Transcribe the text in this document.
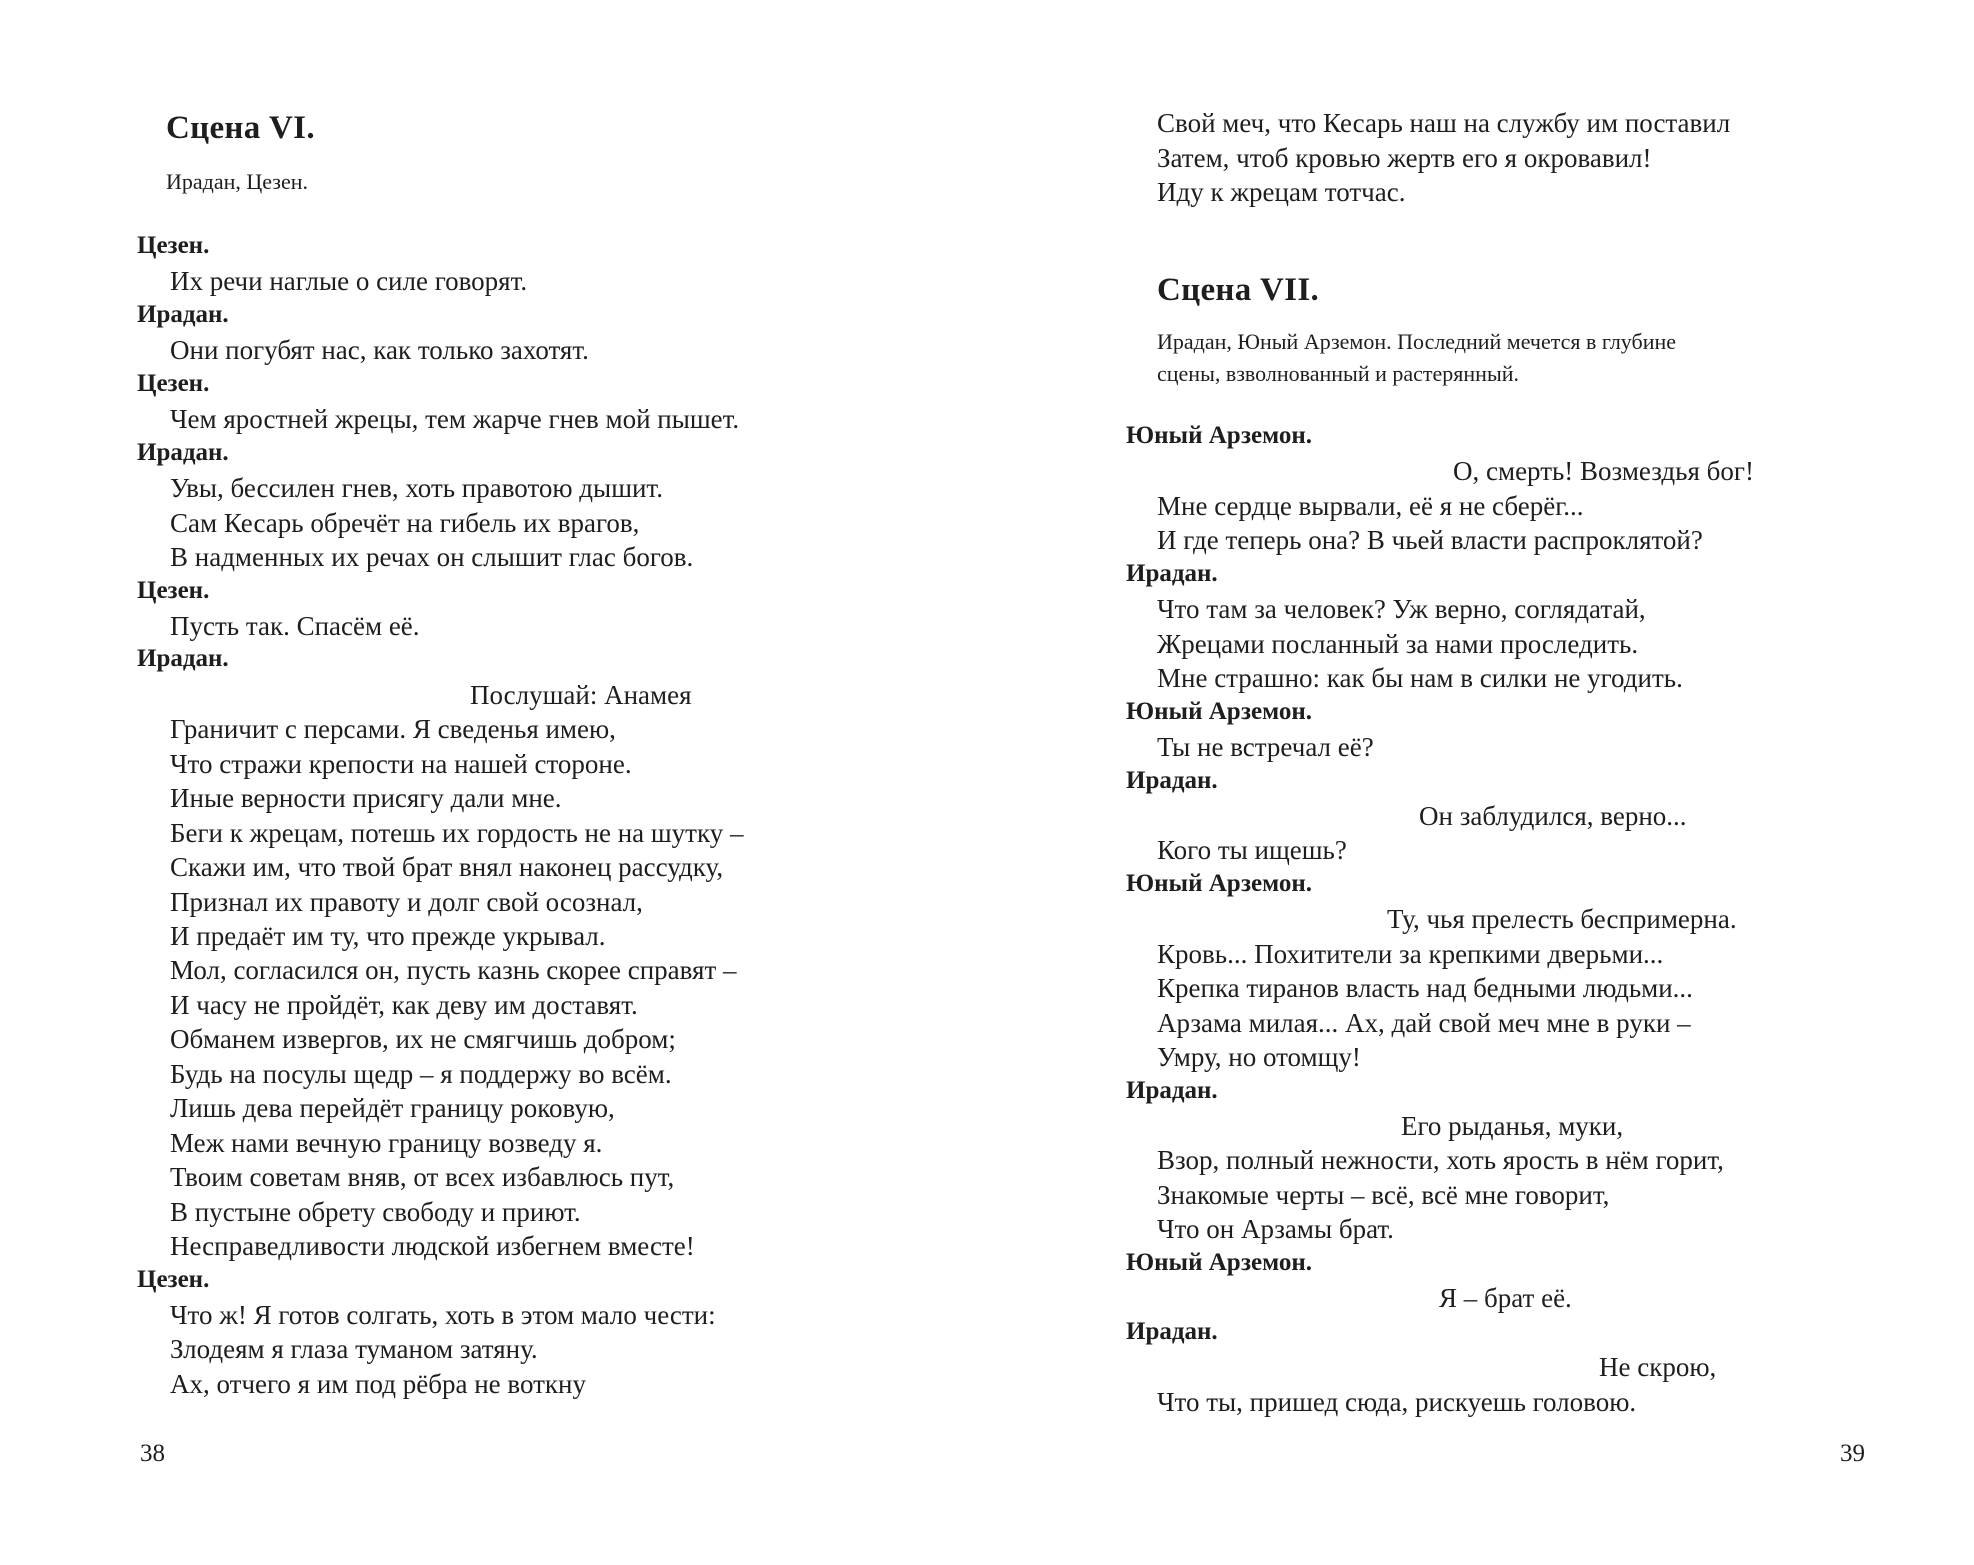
Сцена VI.
Ирадан, Цезен.
Цезен.
Их речи наглые о силе говорят.
Ирадан.
Они погубят нас, как только захотят.
Цезен.
Чем яростней жрецы, тем жарче гнев мой пышет.
Ирадан.
Увы, бессилен гнев, хоть правотою дышит.
Сам Кесарь обречёт на гибель их врагов,
В надменных их речах он слышит глас богов.
Цезен.
Пусть так. Спасём её.
Ирадан.
Послушай: Анамея
Граничит с персами. Я сведенья имею,
Что стражи крепости на нашей стороне.
Иные верности присягу дали мне.
Беги к жрецам, потешь их гордость не на шутку –
Скажи им, что твой брат внял наконец рассудку,
Признал их правоту и долг свой осознал,
И предаёт им ту, что прежде укрывал.
Мол, согласился он, пусть казнь скорее справят –
И часу не пройдёт, как деву им доставят.
Обманем извергов, их не смягчишь добром;
Будь на посулы щедр – я поддержу во всём.
Лишь дева перейдёт границу роковую,
Меж нами вечную границу возведу я.
Твоим советам вняв, от всех избавлюсь пут,
В пустыне обрету свободу и приют.
Несправедливости людской избегнем вместе!
Цезен.
Что ж! Я готов солгать, хоть в этом мало чести:
Злодеям я глаза туманом затяну.
Ах, отчего я им под рёбра не воткну
38
Свой меч, что Кесарь наш на службу им поставил
Затем, чтоб кровью жертв его я окровавил!
Иду к жрецам тотчас.
Сцена VII.
Ирадан, Юный Арземон. Последний мечется в глубине сцены, взволнованный и растерянный.
Юный Арземон.
О, смерть! Возмездья бог!
Мне сердце вырвали, её я не сберёг...
И где теперь она? В чьей власти распроклятой?
Ирадан.
Что там за человек? Уж верно, соглядатай,
Жрецами посланный за нами проследить.
Мне страшно: как бы нам в силки не угодить.
Юный Арземон.
Ты не встречал её?
Ирадан.
Он заблудился, верно...
Кого ты ищешь?
Юный Арземон.
Ту, чья прелесть беспримерна.
Кровь... Похитители за крепкими дверьми...
Крепка тиранов власть над бедными людьми...
Арзама милая... Ах, дай свой меч мне в руки –
Умру, но отомщу!
Ирадан.
Его рыданья, муки,
Взор, полный нежности, хоть ярость в нём горит,
Знакомые черты – всё, всё мне говорит,
Что он Арзамы брат.
Юный Арземон.
Я – брат её.
Ирадан.
Не скрою,
Что ты, пришед сюда, рискуешь головою.
39
